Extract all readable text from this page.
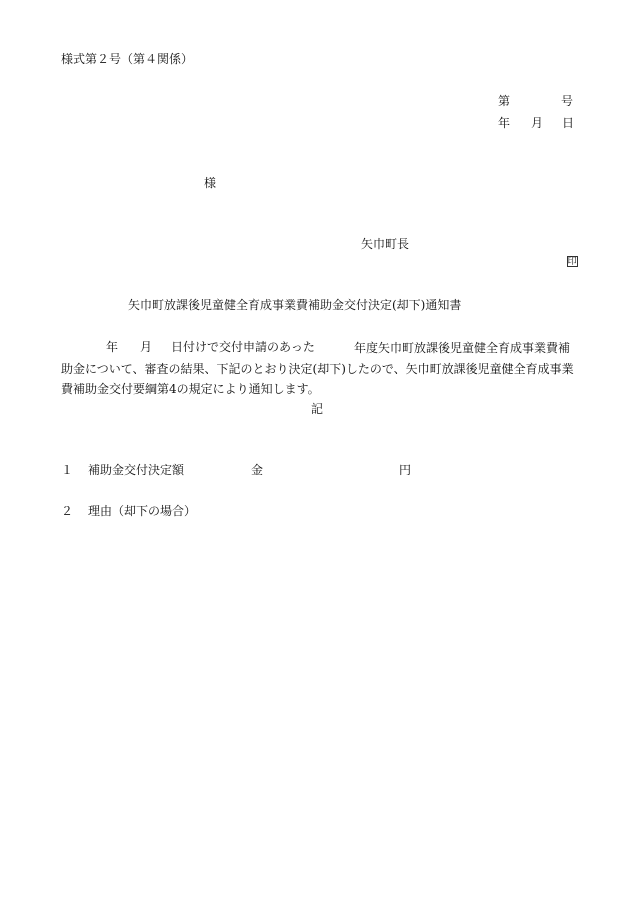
様式第２号（第４関係）
第	号
年 月 日
様
矢巾町長

印

矢巾町放課後児童健全育成事業費補助金交付決定(却下)通知書
年 月 日付けで交付申請のあった	年度矢巾町放課後児童健全育成事業費補助金について、審査の結果、下記のとおり決定(却下)したので、矢巾町放課後児童健全育成事業費補助金交付要綱第4の規定により通知します。
記
１ 補助金交付決定額	金	円
２ 理由（却下の場合）
